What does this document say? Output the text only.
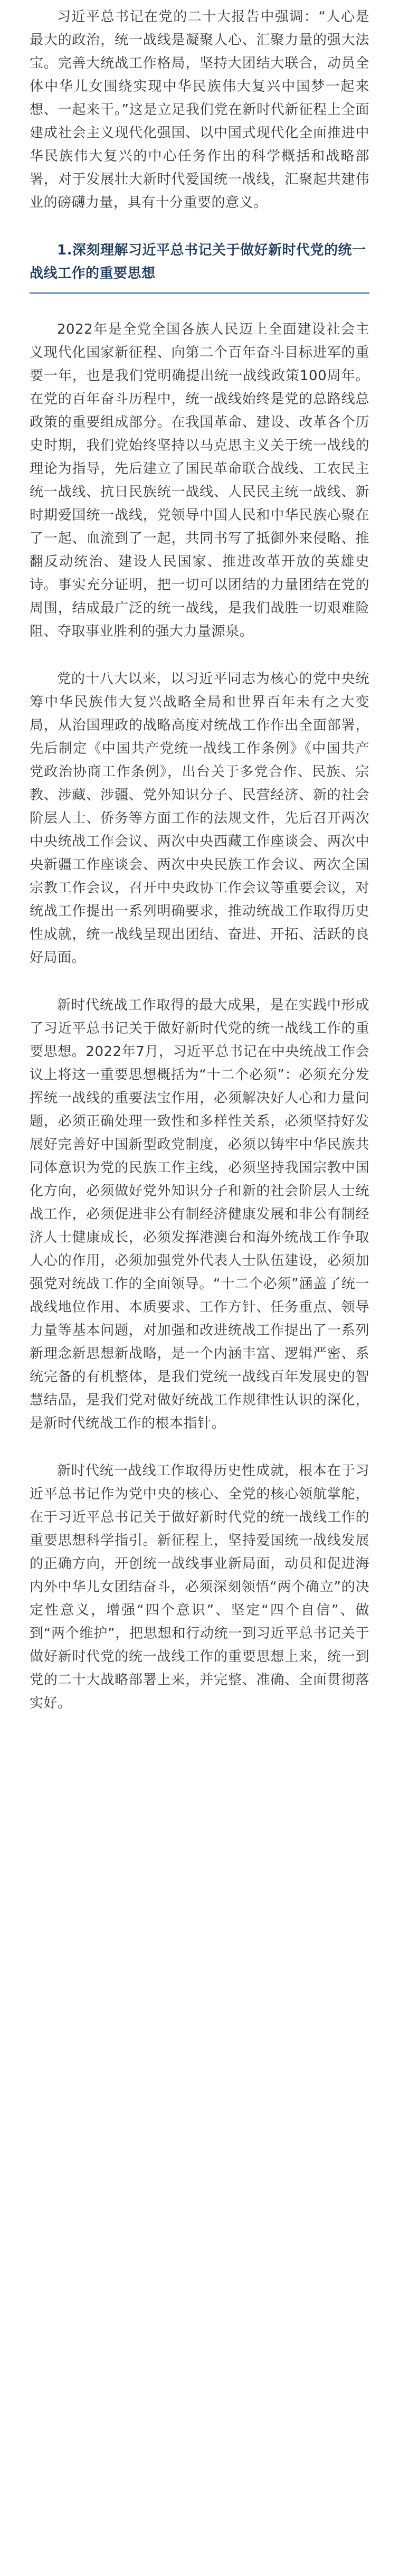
习近平总书记在党的二十大报告中强调：“人心是最大的政治，统一战线是凝聚人心、汇聚力量的强大法宝。完善大统战工作格局，坚持大团结大联合，动员全体中华儿女围绕实现中华民族伟大复兴中国梦一起来想、一起来干。”这是立足我们党在新时代新征程上全面建成社会主义现代化强国、以中国式现代化全面推进中华民族伟大复兴的中心任务作出的科学概括和战略部署，对于发展壮大新时代爱国统一战线，汇聚起共建伟业的磅礴力量，具有十分重要的意义。

1.深刻理解习近平总书记关于做好新时代党的统一战线工作的重要思想

2022年是全党全国各族人民迈上全面建设社会主义现代化国家新征程、向第二个百年奋斗目标进军的重要一年，也是我们党明确提出统一战线政策100周年。在党的百年奋斗历程中，统一战线始终是党的总路线总政策的重要组成部分。在我国革命、建设、改革各个历史时期，我们党始终坚持以马克思主义关于统一战线的理论为指导，先后建立了国民革命联合战线、工农民主统一战线、抗日民族统一战线、人民民主统一战线、新时期爱国统一战线，党领导中国人民和中华民族心聚在了一起、血流到了一起，共同书写了抵御外来侵略、推翻反动统治、建设人民国家、推进改革开放的英雄史诗。事实充分证明，把一切可以团结的力量团结在党的周围，结成最广泛的统一战线，是我们战胜一切艰难险阻、夺取事业胜利的强大力量源泉。

党的十八大以来，以习近平同志为核心的党中央统筹中华民族伟大复兴战略全局和世界百年未有之大变局，从治国理政的战略高度对统战工作作出全面部署，先后制定《中国共产党统一战线工作条例》《中国共产党政治协商工作条例》，出台关于多党合作、民族、宗教、涉藏、涉疆、党外知识分子、民营经济、新的社会阶层人士、侨务等方面工作的法规文件，先后召开两次中央统战工作会议、两次中央西藏工作座谈会、两次中央新疆工作座谈会、两次中央民族工作会议、两次全国宗教工作会议，召开中央政协工作会议等重要会议，对统战工作提出一系列明确要求，推动统战工作取得历史性成就，统一战线呈现出团结、奋进、开拓、活跃的良好局面。

新时代统战工作取得的最大成果，是在实践中形成了习近平总书记关于做好新时代党的统一战线工作的重要思想。2022年7月，习近平总书记在中央统战工作会议上将这一重要思想概括为“十二个必须”：必须充分发挥统一战线的重要法宝作用，必须解决好人心和力量问题，必须正确处理一致性和多样性关系，必须坚持好发展好完善好中国新型政党制度，必须以铸牢中华民族共同体意识为党的民族工作主线，必须坚持我国宗教中国化方向，必须做好党外知识分子和新的社会阶层人士统战工作，必须促进非公有制经济健康发展和非公有制经济人士健康成长，必须发挥港澳台和海外统战工作争取人心的作用，必须加强党外代表人士队伍建设，必须加强党对统战工作的全面领导。“十二个必须”涵盖了统一战线地位作用、本质要求、工作方针、任务重点、领导力量等基本问题，对加强和改进统战工作提出了一系列新理念新思想新战略，是一个内涵丰富、逻辑严密、系统完备的有机整体，是我们党统一战线百年发展史的智慧结晶，是我们党对做好统战工作规律性认识的深化，是新时代统战工作的根本指针。

新时代统一战线工作取得历史性成就，根本在于习近平总书记作为党中央的核心、全党的核心领航掌舵，在于习近平总书记关于做好新时代党的统一战线工作的重要思想科学指引。新征程上，坚持爱国统一战线发展的正确方向，开创统一战线事业新局面，动员和促进海内外中华儿女团结奋斗，必须深刻领悟“两个确立”的决定性意义，增强“四个意识”、坚定“四个自信”、做到“两个维护”，把思想和行动统一到习近平总书记关于做好新时代党的统一战线工作的重要思想上来，统一到党的二十大战略部署上来，并完整、准确、全面贯彻落实好。
